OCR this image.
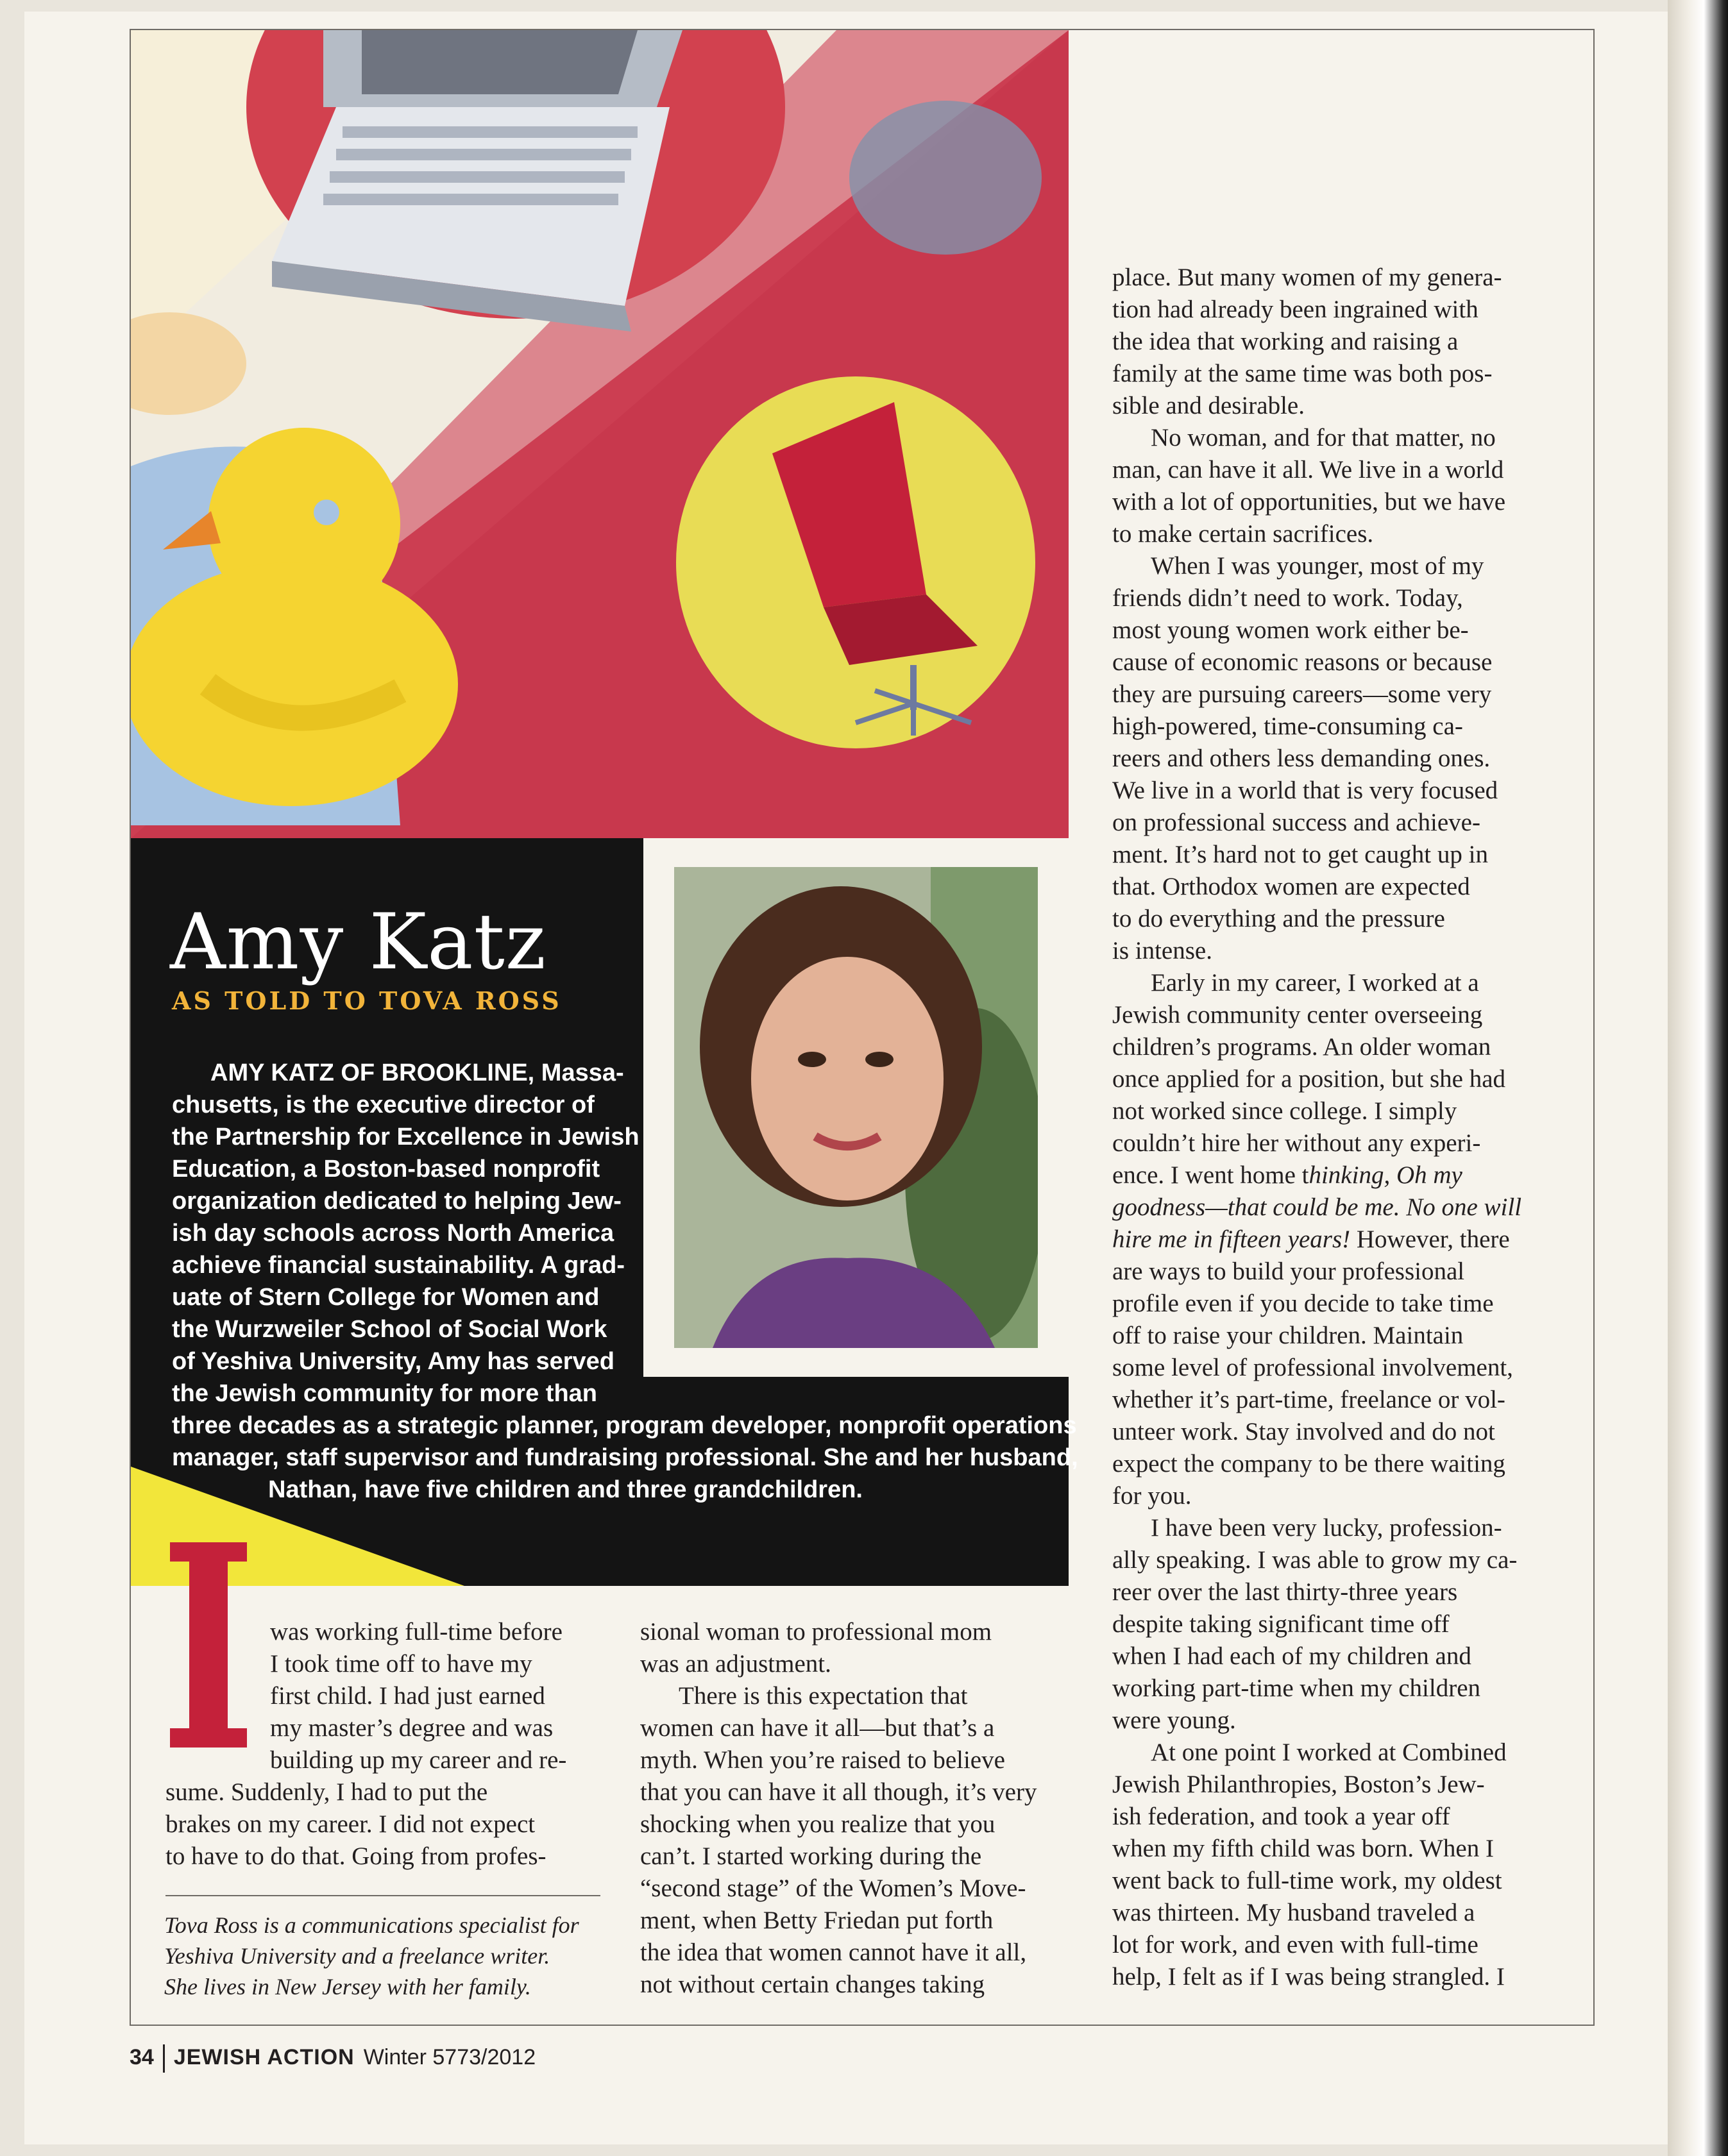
Amy Katz
AS TOLD TO TOVA ROSS
AMY KATZ OF BROOKLINE, Massa-
chusetts, is the executive director of
the Partnership for Excellence in Jewish
Education, a Boston-based nonprofit
organization dedicated to helping Jew-
ish day schools across North America
achieve financial sustainability. A grad-
uate of Stern College for Women and
the Wurzweiler School of Social Work
of Yeshiva University, Amy has served
the Jewish community for more than
three decades as a strategic planner, program developer, nonprofit operations
manager, staff supervisor and fundraising professional. She and her husband,
Nathan, have five children and three grandchildren.
was working full-time before
I took time off to have my
first child. I had just earned
my master’s degree and was
building up my career and re-
sume. Suddenly, I had to put the
brakes on my career. I did not expect
to have to do that. Going from profes-
Tova Ross is a communications specialist for
Yeshiva University and a freelance writer.
She lives in New Jersey with her family.
sional woman to professional mom
was an adjustment.
There is this expectation that
women can have it all—but that’s a
myth. When you’re raised to believe
that you can have it all though, it’s very
shocking when you realize that you
can’t. I started working during the
“second stage” of the Women’s Move-
ment, when Betty Friedan put forth
the idea that women cannot have it all,
not without certain changes taking
place. But many women of my genera-
tion had already been ingrained with
the idea that working and raising a
family at the same time was both pos-
sible and desirable.
No woman, and for that matter, no
man, can have it all. We live in a world
with a lot of opportunities, but we have
to make certain sacrifices.
When I was younger, most of my
friends didn’t need to work. Today,
most young women work either be-
cause of economic reasons or because
they are pursuing careers—some very
high-powered, time-consuming ca-
reers and others less demanding ones.
We live in a world that is very focused
on professional success and achieve-
ment. It’s hard not to get caught up in
that. Orthodox women are expected
to do everything and the pressure
is intense.
Early in my career, I worked at a
Jewish community center overseeing
children’s programs. An older woman
once applied for a position, but she had
not worked since college. I simply
couldn’t hire her without any experi-
ence. I went home thinking, Oh my
goodness—that could be me. No one will
hire me in fifteen years! However, there
are ways to build your professional
profile even if you decide to take time
off to raise your children. Maintain
some level of professional involvement,
whether it’s part-time, freelance or vol-
unteer work. Stay involved and do not
expect the company to be there waiting
for you.
I have been very lucky, profession-
ally speaking. I was able to grow my ca-
reer over the last thirty-three years
despite taking significant time off
when I had each of my children and
working part-time when my children
were young.
At one point I worked at Combined
Jewish Philanthropies, Boston’s Jew-
ish federation, and took a year off
when my fifth child was born. When I
went back to full-time work, my oldest
was thirteen. My husband traveled a
lot for work, and even with full-time
help, I felt as if I was being strangled. I
34 JEWISH ACTION Winter 5773/2012
